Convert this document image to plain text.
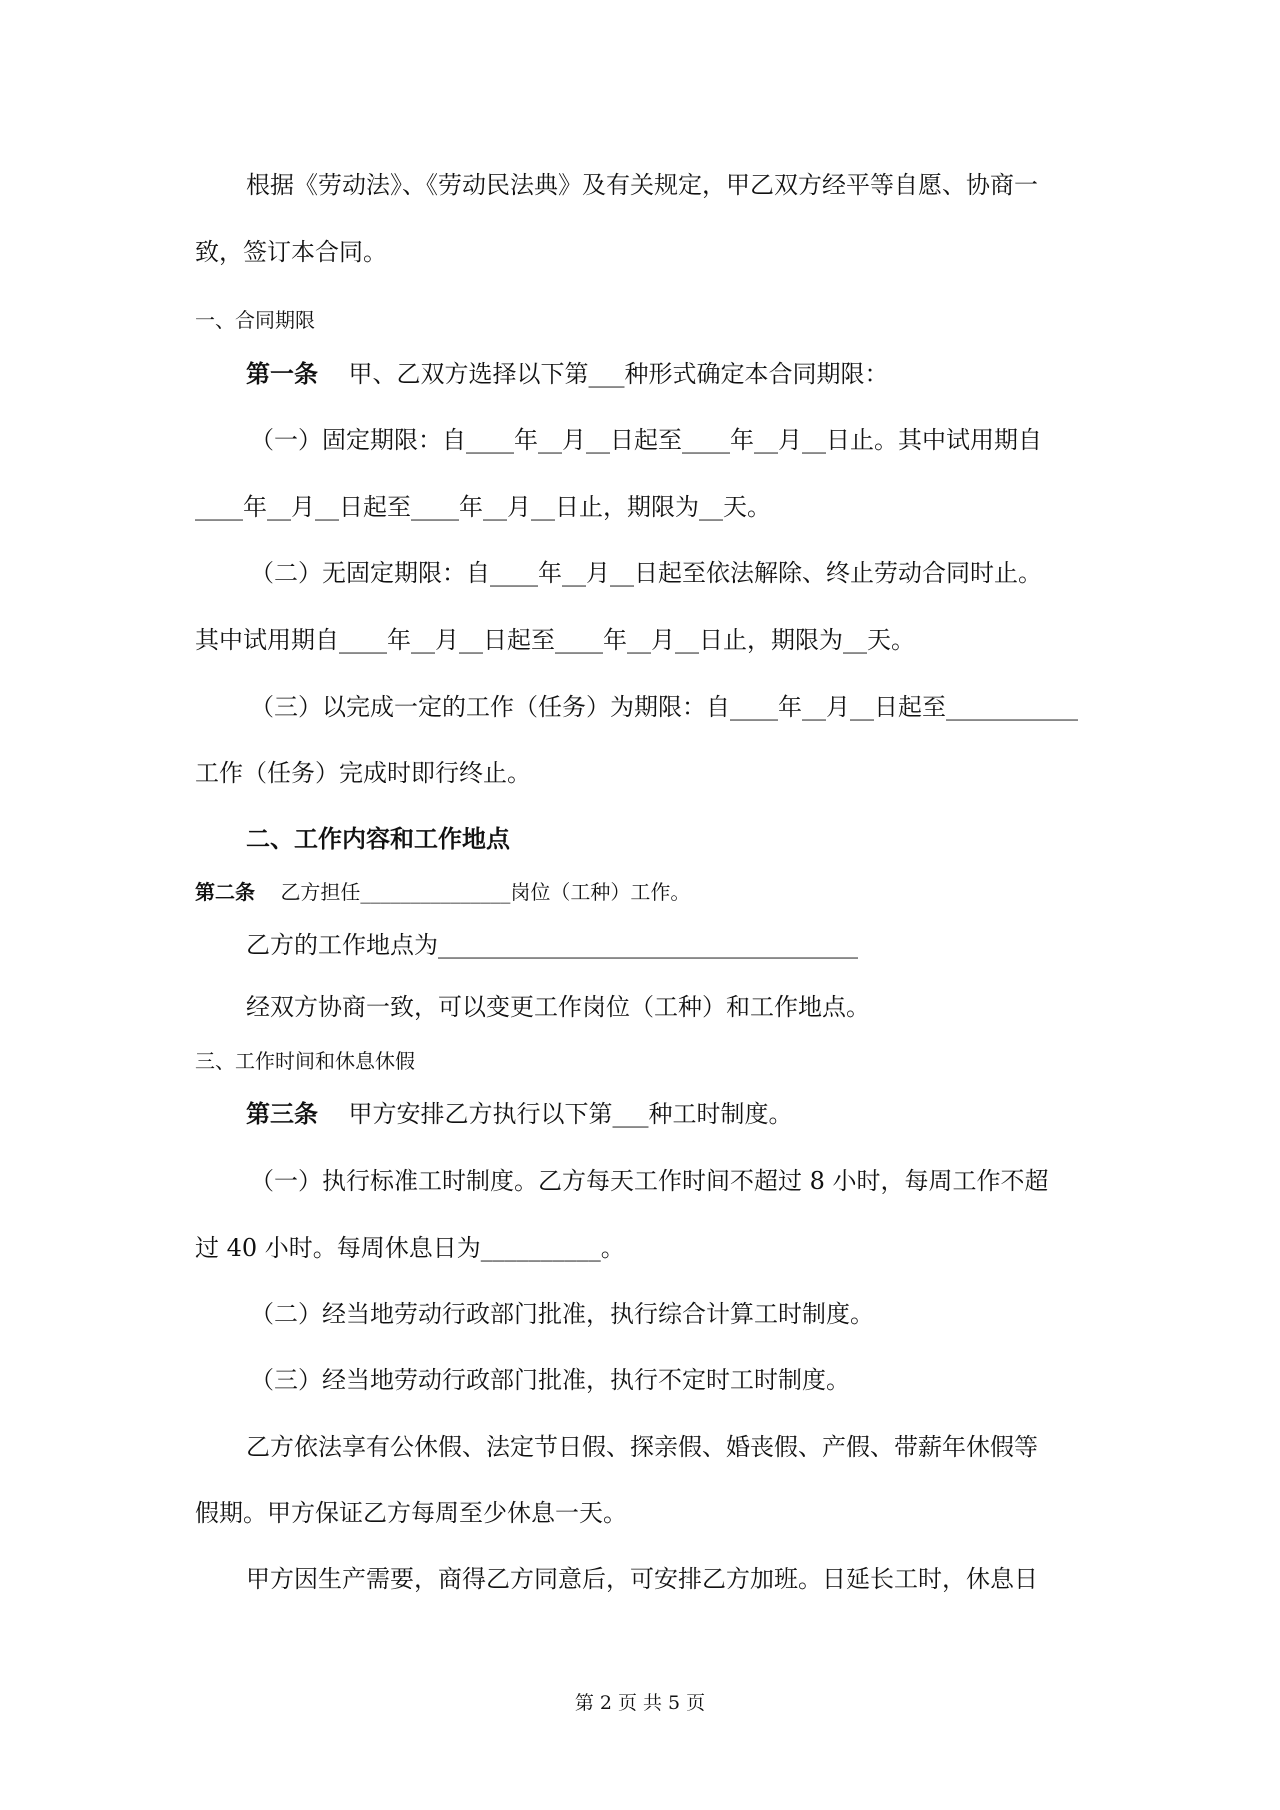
根据《劳动法》、《劳动民法典》及有关规定，甲乙双方经平等自愿、协商一
致，签订本合同。
一、合同期限
第一条 甲、乙双方选择以下第___种形式确定本合同期限：
（一）固定期限：自____年__月__日起至____年__月__日止。其中试用期自
____年__月__日起至____年__月__日止，期限为__天。
（二）无固定期限：自____年__月__日起至依法解除、终止劳动合同时止。
其中试用期自____年__月__日起至____年__月__日止，期限为__天。
（三）以完成一定的工作（任务）为期限：自____年__月__日起至___________
工作（任务）完成时即行终止。
二、工作内容和工作地点
第二条 乙方担任_______________岗位（工种）工作。
乙方的工作地点为___________________________________
经双方协商一致，可以变更工作岗位（工种）和工作地点。
三、工作时间和休息休假
第三条 甲方安排乙方执行以下第___种工时制度。
（一）执行标准工时制度。乙方每天工作时间不超过 8 小时，每周工作不超
过 40 小时。每周休息日为__________。
（二）经当地劳动行政部门批准，执行综合计算工时制度。
（三）经当地劳动行政部门批准，执行不定时工时制度。
乙方依法享有公休假、法定节日假、探亲假、婚丧假、产假、带薪年休假等
假期。甲方保证乙方每周至少休息一天。
甲方因生产需要，商得乙方同意后，可安排乙方加班。日延长工时，休息日
第 2 页 共 5 页
